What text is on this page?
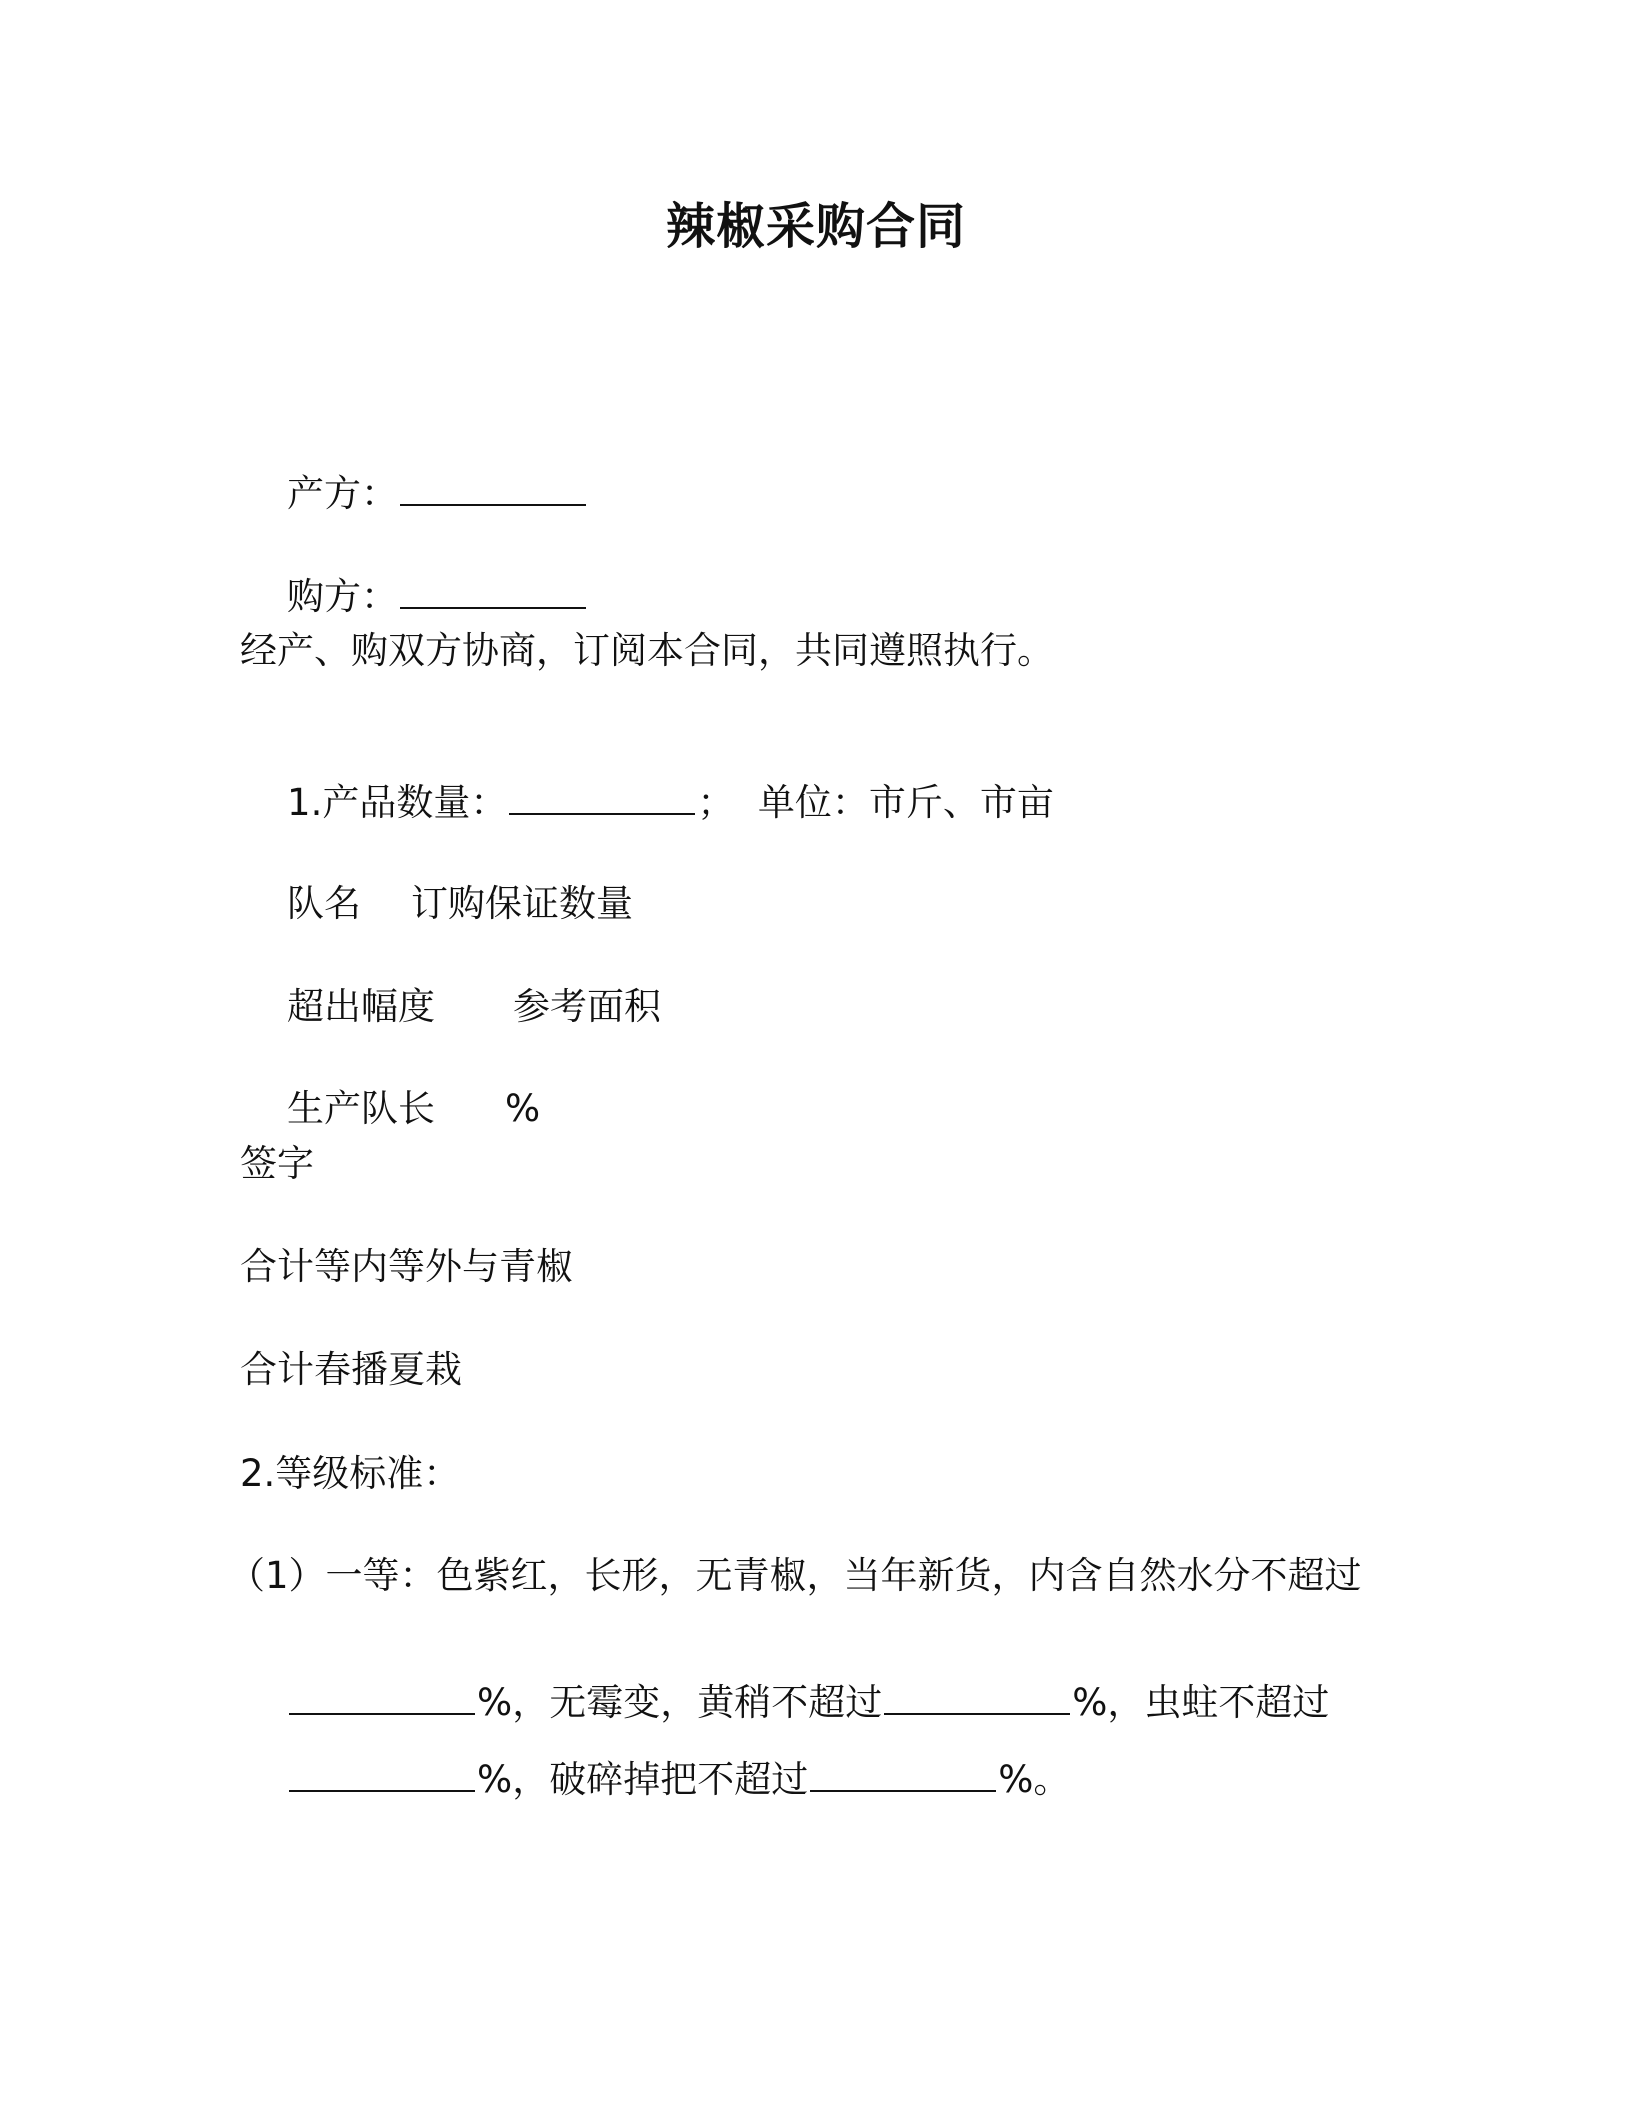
辣椒采购合同

产方：

购方：

经产、购双方协商，订阅本合同，共同遵照执行。

1.产品数量：	；  单位：市斤、市亩

队名 订购保证数量

超出幅度 参考面积

生产队长 %

签字
合计等内等外与青椒
合计春播夏栽
2.等级标准：
（1）一等：色紫红，长形，无青椒，当年新货，内含自然水分不超过

%，无霉变，黄稍不超过	%，虫蛀不超过

%，破碎掉把不超过	%。
